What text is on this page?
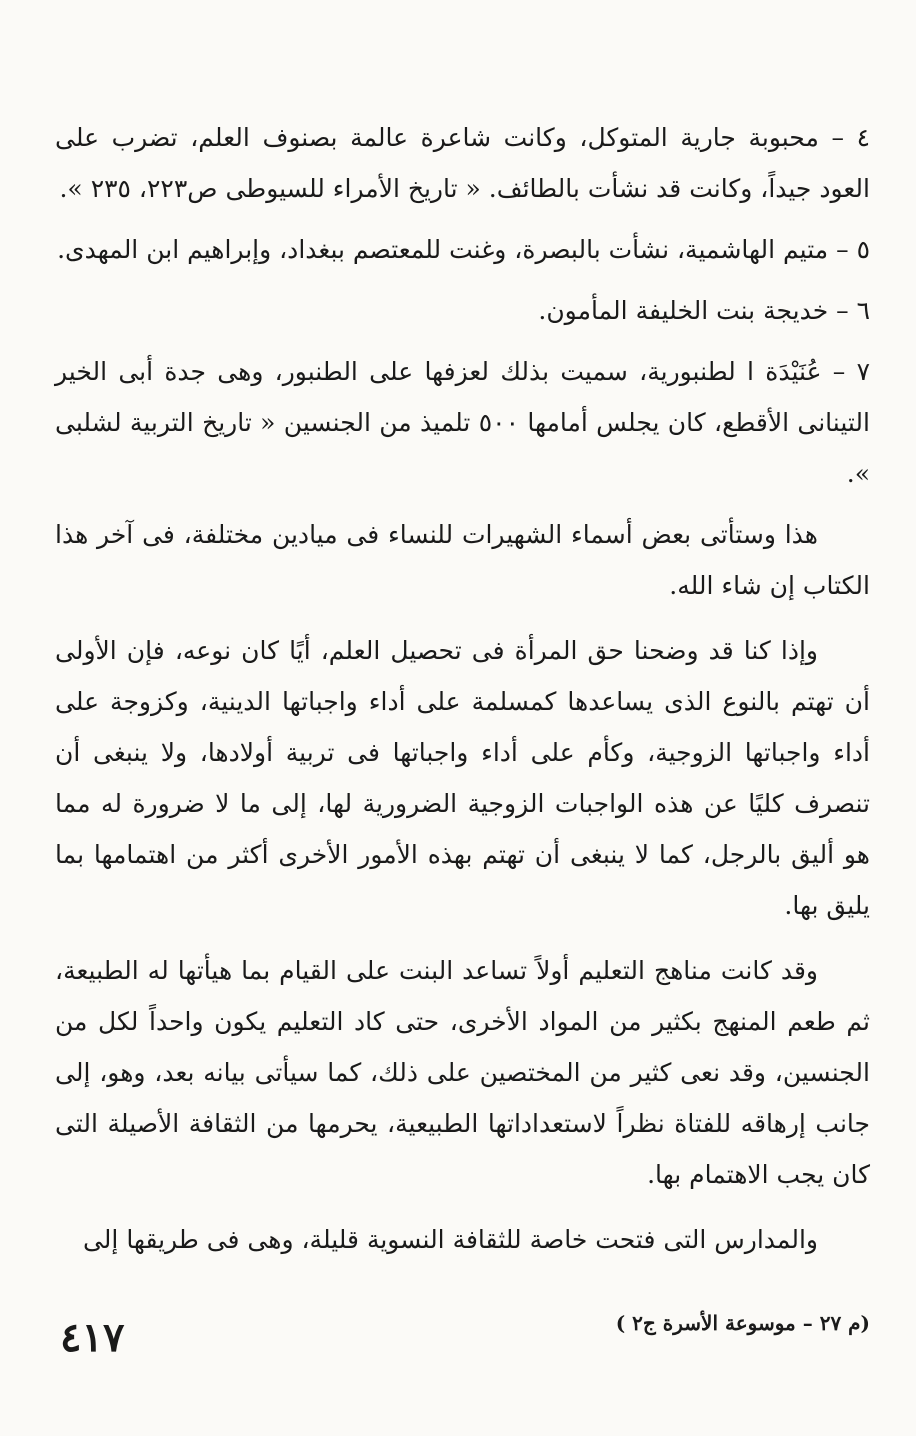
٤ – محبوبة جارية المتوكل، وكانت شاعرة عالمة بصنوف العلم، تضرب على العود جيداً، وكانت قد نشأت بالطائف. « تاريخ الأمراء للسيوطى ص٢٢٣، ٢٣٥ ».

٥ – متيم الهاشمية، نشأت بالبصرة، وغنت للمعتصم ببغداد، وإبراهيم ابن المهدى.

٦ – خديجة بنت الخليفة المأمون.

٧ – عُنَيْدَة ا لطنبورية، سميت بذلك لعزفها على الطنبور، وهى جدة أبى الخير التينانى الأقطع، كان يجلس أمامها ٥٠٠ تلميذ من الجنسين « تاريخ التربية لشلبى ».

هذا وستأتى بعض أسماء الشهيرات للنساء فى ميادين مختلفة، فى آخر هذا الكتاب إن شاء الله.

وإذا كنا قد وضحنا حق المرأة فى تحصيل العلم، أيًا كان نوعه، فإن الأولى أن تهتم بالنوع الذى يساعدها كمسلمة على أداء واجباتها الدينية، وكزوجة على أداء واجباتها الزوجية، وكأم على أداء واجباتها فى تربية أولادها، ولا ينبغى أن تنصرف كليًا عن هذه الواجبات الزوجية الضرورية لها، إلى ما لا ضرورة له مما هو أليق بالرجل، كما لا ينبغى أن تهتم بهذه الأمور الأخرى أكثر من اهتمامها بما يليق بها.

وقد كانت مناهج التعليم أولاً تساعد البنت على القيام بما هيأتها له الطبيعة، ثم طعم المنهج بكثير من المواد الأخرى، حتى كاد التعليم يكون واحداً لكل من الجنسين، وقد نعى كثير من المختصين على ذلك، كما سيأتى بيانه بعد، وهو، إلى جانب إرهاقه للفتاة نظراً لاستعداداتها الطبيعية، يحرمها من الثقافة الأصيلة التى كان يجب الاهتمام بها.

والمدارس التى فتحت خاصة للثقافة النسوية قليلة، وهى فى طريقها إلى

(م ٢٧ – موسوعة الأسرة ج٢ )
٤١٧
